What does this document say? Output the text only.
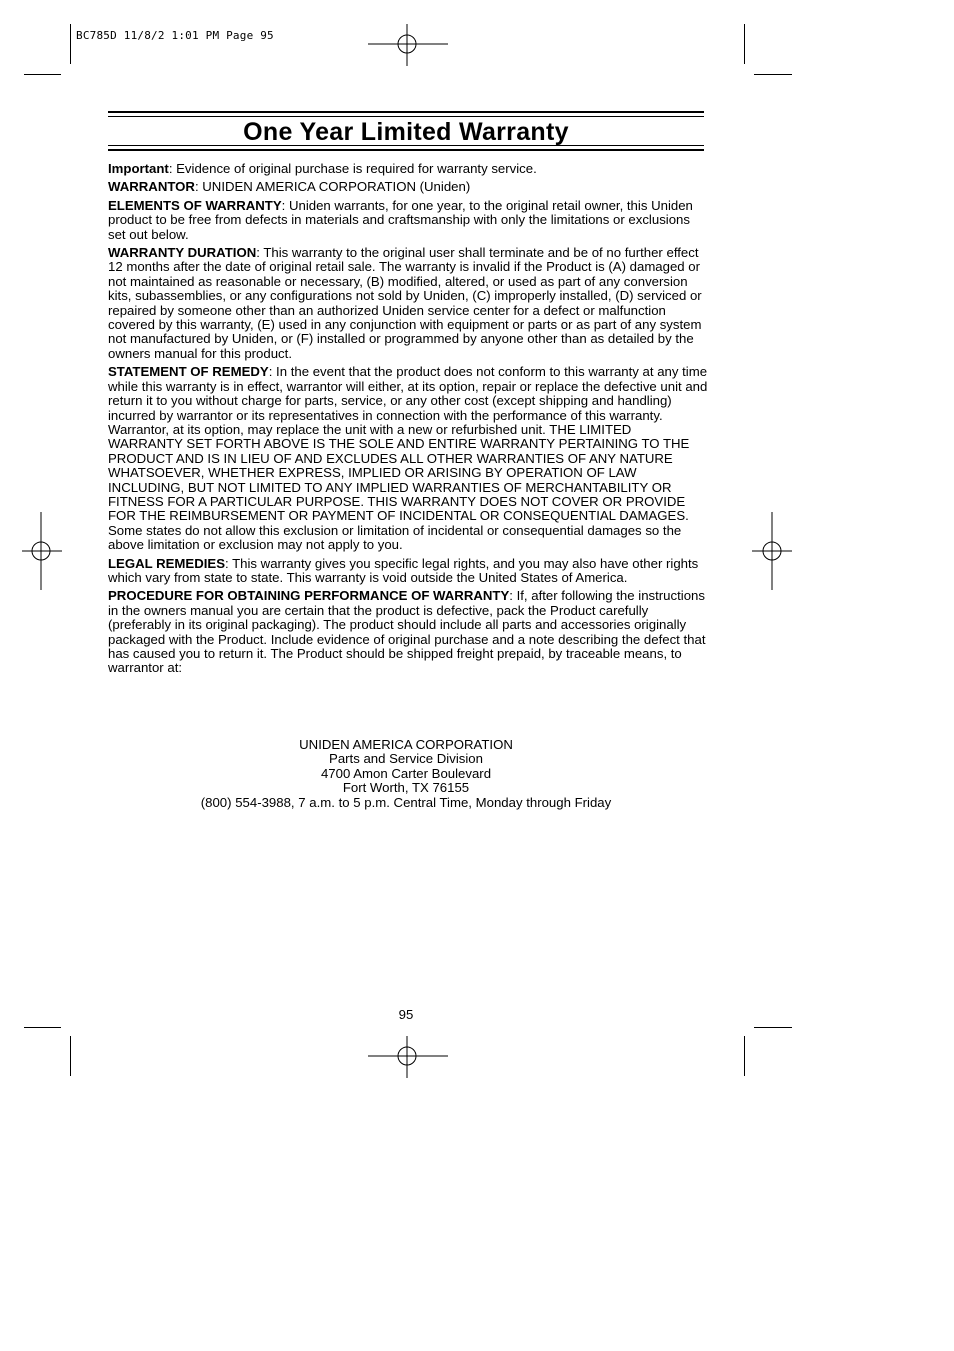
BC785D 11/8/2 1:01 PM Page 95
One Year Limited Warranty

Important: Evidence of original purchase is required for warranty service.

WARRANTOR: UNIDEN AMERICA CORPORATION (Uniden)

ELEMENTS OF WARRANTY: Uniden warrants, for one year, to the original retail owner, this Uniden product to be free from defects in materials and craftsmanship with only the limitations or exclusions set out below.

WARRANTY DURATION: This warranty to the original user shall terminate and be of no further effect 12 months after the date of original retail sale. The warranty is invalid if the Product is (A) damaged or not maintained as reasonable or necessary, (B) modified, altered, or used as part of any conversion kits, subassemblies, or any configurations not sold by Uniden, (C) improperly installed, (D) serviced or repaired by someone other than an authorized Uniden service center for a defect or malfunction covered by this warranty, (E) used in any conjunction with equipment or parts or as part of any system not manufactured by Uniden, or (F) installed or programmed by anyone other than as detailed by the owners manual for this product.

STATEMENT OF REMEDY: In the event that the product does not conform to this warranty at any time while this warranty is in effect, warrantor will either, at its option, repair or replace the defective unit and return it to you without charge for parts, service, or any other cost (except shipping and handling) incurred by warrantor or its representatives in connection with the performance of this warranty. Warrantor, at its option, may replace the unit with a new or refurbished unit. THE LIMITED WARRANTY SET FORTH ABOVE IS THE SOLE AND ENTIRE WARRANTY PERTAINING TO THE PRODUCT AND IS IN LIEU OF AND EXCLUDES ALL OTHER WARRANTIES OF ANY NATURE WHATSOEVER, WHETHER EXPRESS, IMPLIED OR ARISING BY OPERATION OF LAW INCLUDING, BUT NOT LIMITED TO ANY IMPLIED WARRANTIES OF MERCHANTABILITY OR FITNESS FOR A PARTICULAR PURPOSE. THIS WARRANTY DOES NOT COVER OR PROVIDE FOR THE REIMBURSEMENT OR PAYMENT OF INCIDENTAL OR CONSEQUENTIAL DAMAGES. Some states do not allow this exclusion or limitation of incidental or consequential damages so the above limitation or exclusion may not apply to you.

LEGAL REMEDIES: This warranty gives you specific legal rights, and you may also have other rights which vary from state to state. This warranty is void outside the United States of America.

PROCEDURE FOR OBTAINING PERFORMANCE OF WARRANTY: If, after following the instructions in the owners manual you are certain that the product is defective, pack the Product carefully (preferably in its original packaging). The product should include all parts and accessories originally packaged with the Product. Include evidence of original purchase and a note describing the defect that has caused you to return it. The Product should be shipped freight prepaid, by traceable means, to warrantor at:

UNIDEN AMERICA CORPORATION
Parts and Service Division
4700 Amon Carter Boulevard
Fort Worth, TX 76155
(800) 554-3988, 7 a.m. to 5 p.m. Central Time, Monday through Friday
95
